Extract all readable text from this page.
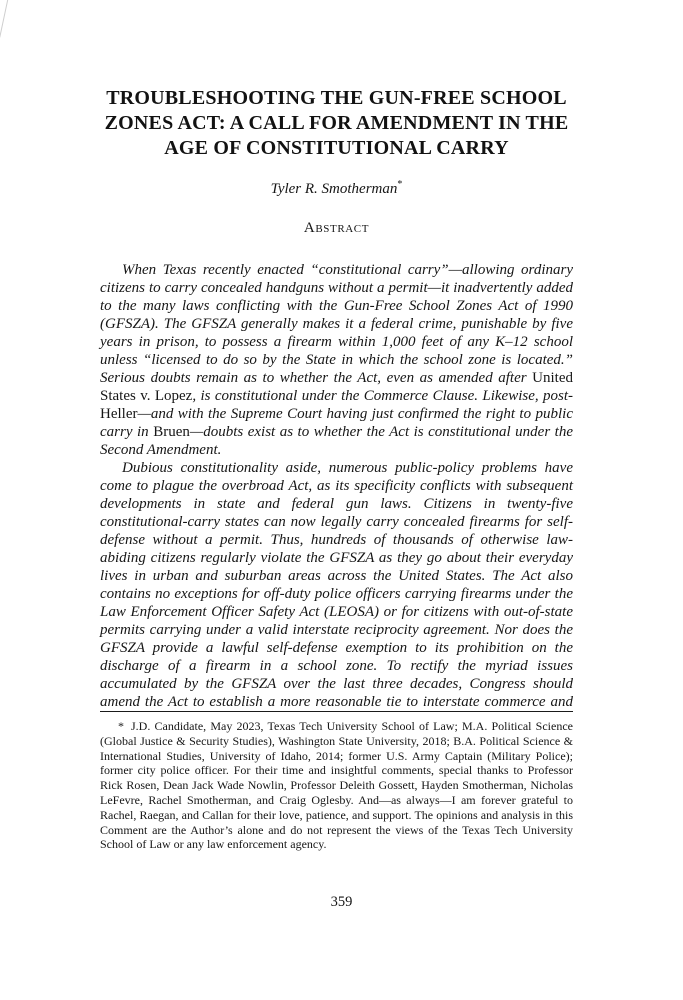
TROUBLESHOOTING THE GUN-FREE SCHOOL
ZONES ACT: A CALL FOR AMENDMENT IN THE
AGE OF CONSTITUTIONAL CARRY
Tyler R. Smotherman*
Abstract

When Texas recently enacted “constitutional carry”—allowing ordinary citizens to carry concealed handguns without a permit—it inadvertently added to the many laws conflicting with the Gun-Free School Zones Act of 1990 (GFSZA). The GFSZA generally makes it a federal crime, punishable by five years in prison, to possess a firearm within 1,000 feet of any K–12 school unless “licensed to do so by the State in which the school zone is located.” Serious doubts remain as to whether the Act, even as amended after United States v. Lopez, is constitutional under the Commerce Clause. Likewise, post-Heller—and with the Supreme Court having just confirmed the right to public carry in Bruen—doubts exist as to whether the Act is constitutional under the Second Amendment.

Dubious constitutionality aside, numerous public-policy problems have come to plague the overbroad Act, as its specificity conflicts with subsequent developments in state and federal gun laws. Citizens in twenty-five constitutional-carry states can now legally carry concealed firearms for self-defense without a permit. Thus, hundreds of thousands of otherwise law-abiding citizens regularly violate the GFSZA as they go about their everyday lives in urban and suburban areas across the United States. The Act also contains no exceptions for off-duty police officers carrying firearms under the Law Enforcement Officer Safety Act (LEOSA) or for citizens with out-of-state permits carrying under a valid interstate reciprocity agreement. Nor does the GFSZA provide a lawful self-defense exemption to its prohibition on the discharge of a firearm in a school zone. To rectify the myriad issues accumulated by the GFSZA over the last three decades, Congress should amend the Act to establish a more reasonable tie to interstate commerce and

* J.D. Candidate, May 2023, Texas Tech University School of Law; M.A. Political Science (Global Justice & Security Studies), Washington State University, 2018; B.A. Political Science & International Studies, University of Idaho, 2014; former U.S. Army Captain (Military Police); former city police officer. For their time and insightful comments, special thanks to Professor Rick Rosen, Dean Jack Wade Nowlin, Professor Deleith Gossett, Hayden Smotherman, Nicholas LeFevre, Rachel Smotherman, and Craig Oglesby. And—as always—I am forever grateful to Rachel, Raegan, and Callan for their love, patience, and support. The opinions and analysis in this Comment are the Author’s alone and do not represent the views of the Texas Tech University School of Law or any law enforcement agency.

359
